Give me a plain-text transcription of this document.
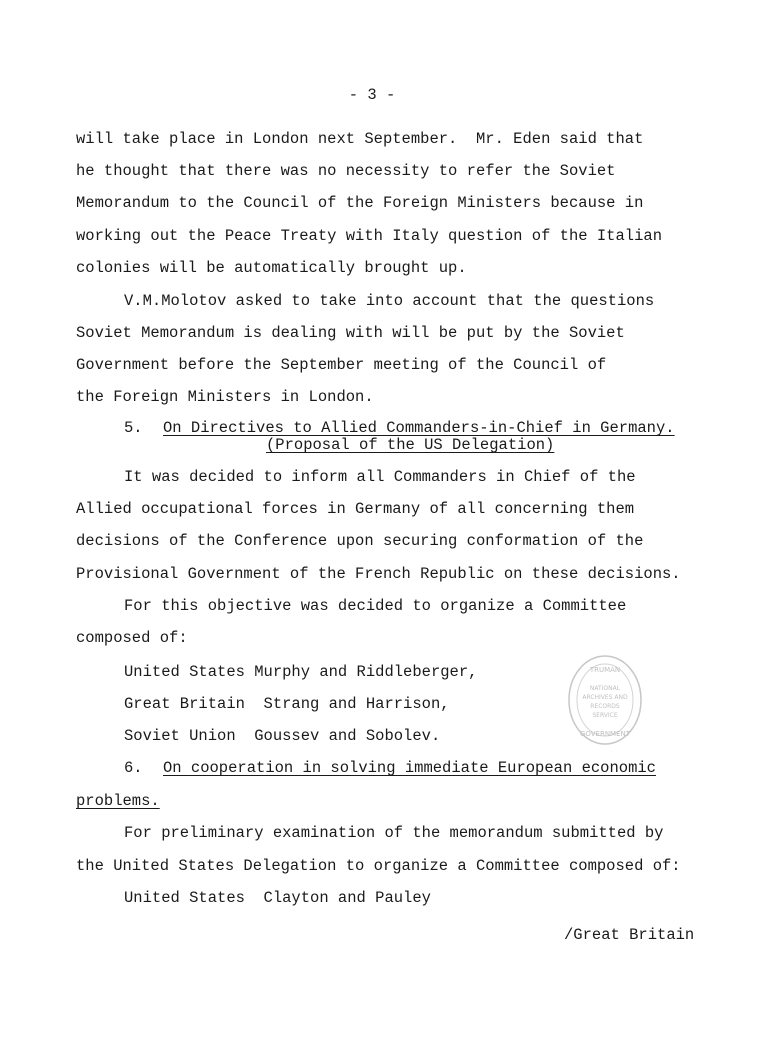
- 3 -
will take place in London next September.  Mr. Eden said that
he thought that there was no necessity to refer the Soviet
Memorandum to the Council of the Foreign Ministers because in
working out the Peace Treaty with Italy question of the Italian
colonies will be automatically brought up.
V.M.Molotov asked to take into account that the questions
Soviet Memorandum is dealing with will be put by the Soviet
Government before the September meeting of the Council of
the Foreign Ministers in London.
5. On Directives to Allied Commanders-in-Chief in Germany.
(Proposal of the US Delegation)
It was decided to inform all Commanders in Chief of the
Allied occupational forces in Germany of all concerning them
decisions of the Conference upon securing conformation of the
Provisional Government of the French Republic on these decisions.
For this objective was decided to organize a Committee
composed of:
United States Murphy and Riddleberger,
Great Britain  Strang and Harrison,
Soviet Union  Goussev and Sobolev.
6. On cooperation in solving immediate European economic
problems.
For preliminary examination of the memorandum submitted by
the United States Delegation to organize a Committee composed of:
United States  Clayton and Pauley
/Great Britain
TRUMAN
NATIONAL
ARCHIVES AND
RECORDS
SERVICE
GOVERNMENT
